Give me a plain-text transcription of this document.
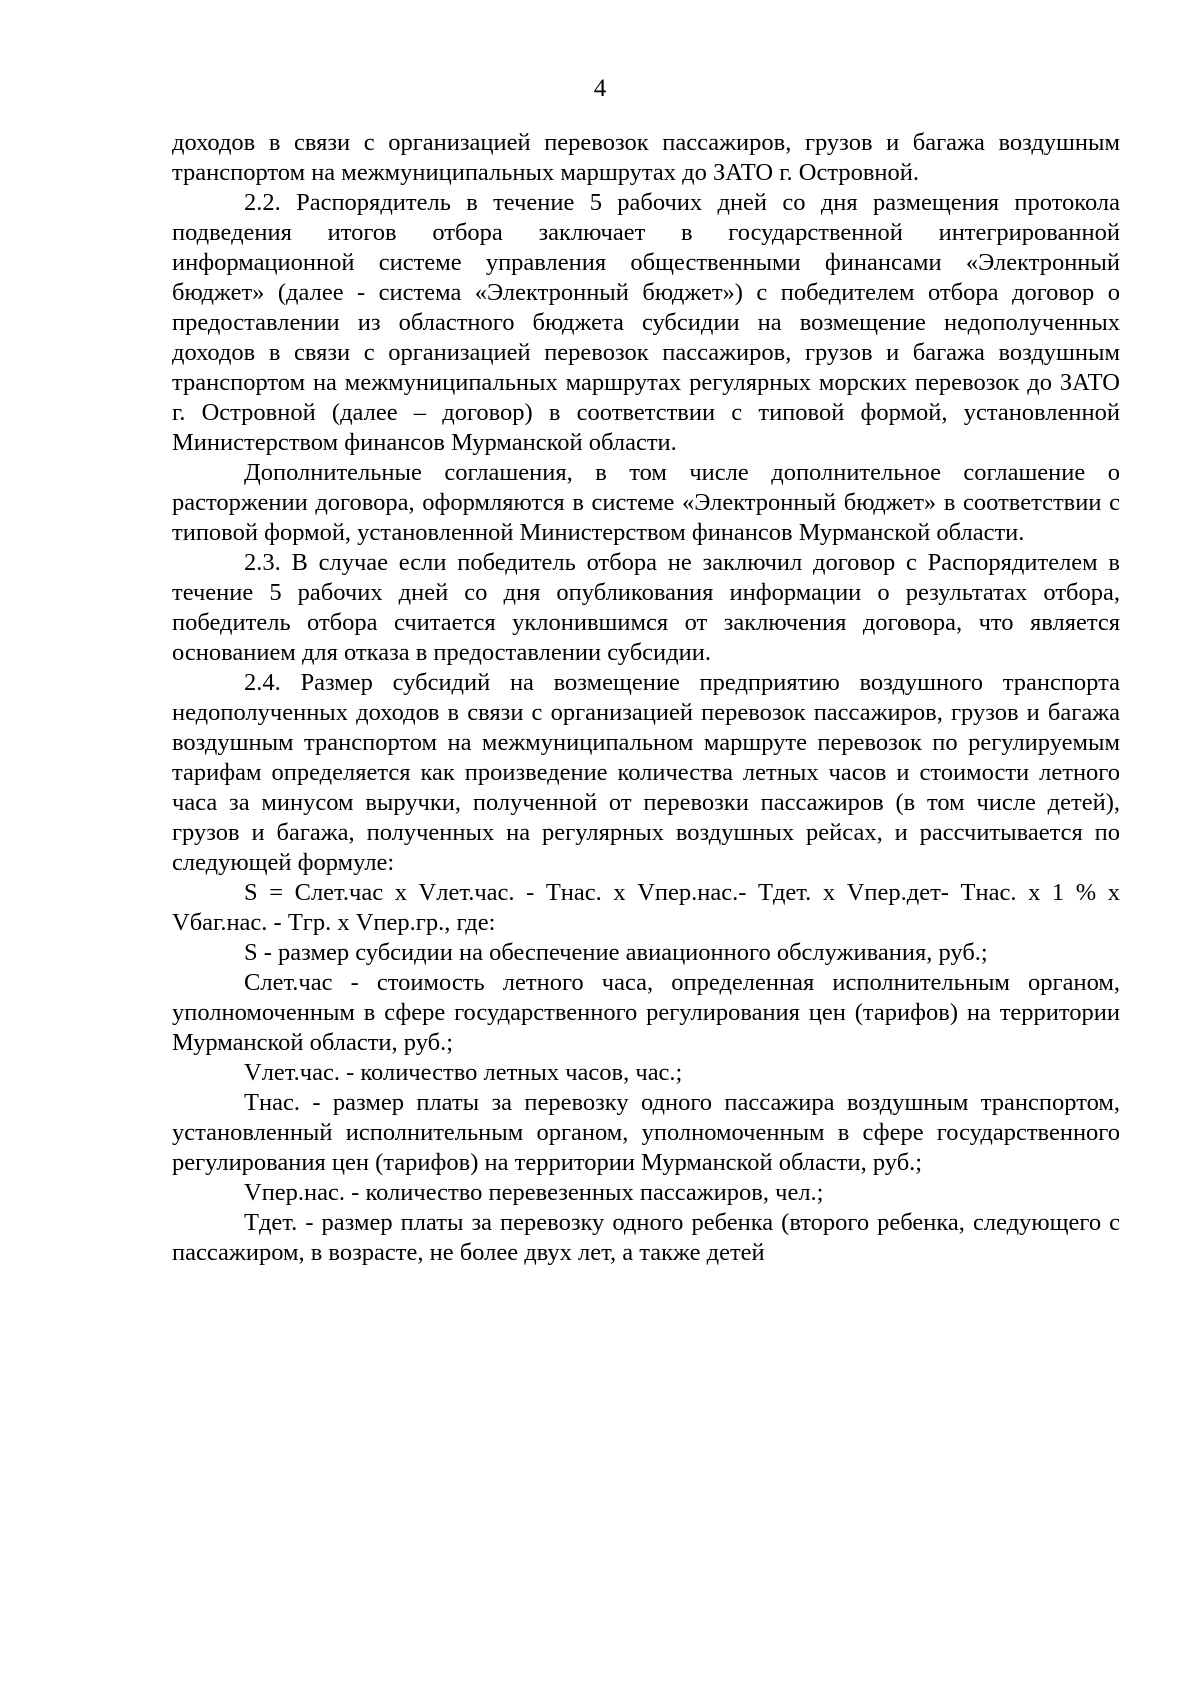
4

доходов в связи с организацией перевозок пассажиров, грузов и багажа воздушным транспортом на межмуниципальных маршрутах до ЗАТО г. Островной.

2.2. Распорядитель в течение 5 рабочих дней со дня размещения протокола подведения итогов отбора заключает в государственной интегрированной информационной системе управления общественными финансами «Электронный бюджет» (далее - система «Электронный бюджет») с победителем отбора договор о предоставлении из областного бюджета субсидии на возмещение недополученных доходов в связи с организацией перевозок пассажиров, грузов и багажа воздушным транспортом на межмуниципальных маршрутах регулярных морских перевозок до ЗАТО г. Островной (далее – договор) в соответствии с типовой формой, установленной Министерством финансов Мурманской области.

Дополнительные соглашения, в том числе дополнительное соглашение о расторжении договора, оформляются в системе «Электронный бюджет» в соответствии с типовой формой, установленной Министерством финансов Мурманской области.

2.3. В случае если победитель отбора не заключил договор с Распорядителем в течение 5 рабочих дней со дня опубликования информации о результатах отбора, победитель отбора считается уклонившимся от заключения договора, что является основанием для отказа в предоставлении субсидии.

2.4. Размер субсидий на возмещение предприятию воздушного транспорта недополученных доходов в связи с организацией перевозок пассажиров, грузов и багажа воздушным транспортом на межмуниципальном маршруте перевозок по регулируемым тарифам определяется как произведение количества летных часов и стоимости летного часа за минусом выручки, полученной от перевозки пассажиров (в том числе детей), грузов и багажа, полученных на регулярных воздушных рейсах, и рассчитывается по следующей формуле:

S = Слет.час х Vлет.час. - Тнас. х Vпер.нас.- Тдет. х Vпер.дет- Тнас. х 1 % х Vбаг.нас. - Тгр. х Vпер.гр., где:

S - размер субсидии на обеспечение авиационного обслуживания, руб.;

Слет.час - стоимость летного часа, определенная исполнительным органом, уполномоченным в сфере государственного регулирования цен (тарифов) на территории Мурманской области, руб.;

Vлет.час. - количество летных часов, час.;

Тнас. - размер платы за перевозку одного пассажира воздушным транспортом, установленный исполнительным органом, уполномоченным в сфере государственного регулирования цен (тарифов) на территории Мурманской области, руб.;

Vпер.нас. - количество перевезенных пассажиров, чел.;

Тдет. - размер платы за перевозку одного ребенка (второго ребенка, следующего с пассажиром, в возрасте, не более двух лет, а также детей
